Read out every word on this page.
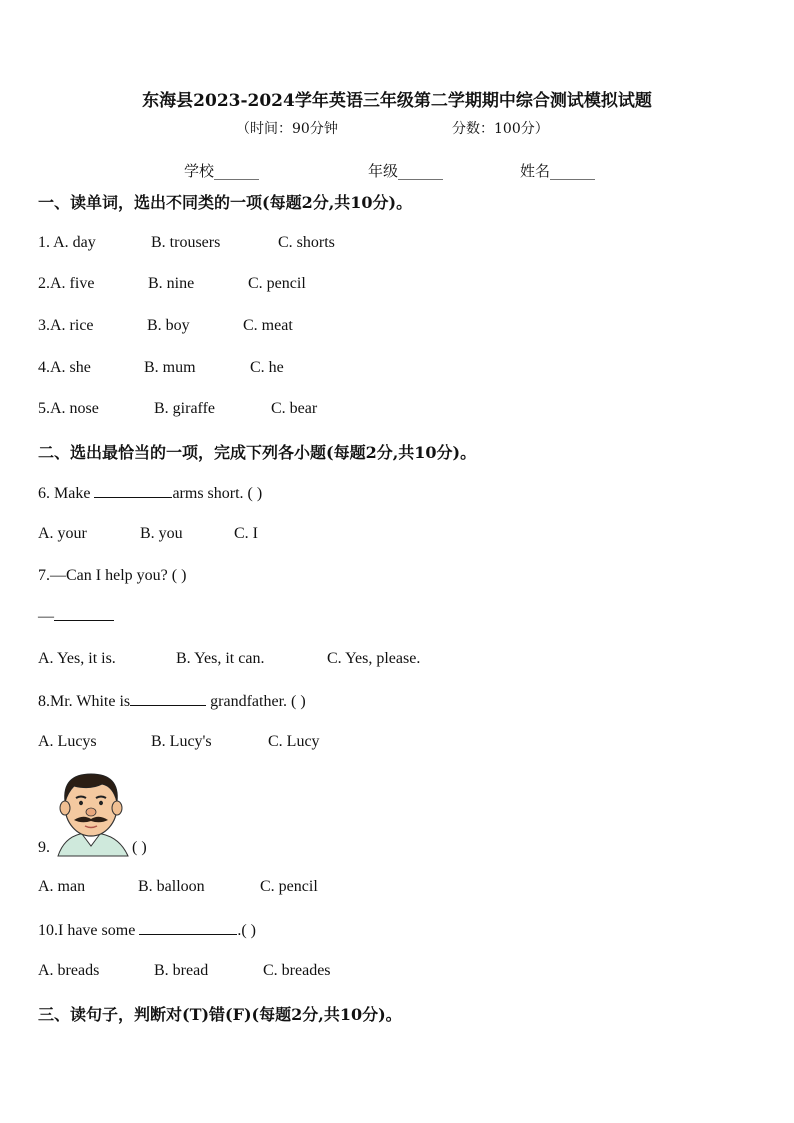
东海县2023-2024学年英语三年级第二学期期中综合测试模拟试题
（时间：90分钟	分数：100分）
学校______	年级______	姓名______
一、读单词，选出不同类的一项(每题2分,共10分)。
1. A. day	B. trousers	C. shorts
2.A. five	B. nine	C. pencil
3.A. rice	B. boy	C. meat
4.A. she	B. mum	C. he
5.A. nose	B. giraffe	C. bear
二、选出最恰当的一项，完成下列各小题(每题2分,共10分)。
6. Make	arms short. ( )
A. your	B. you	C. I
7.—Can I help you? ( )
—
A. Yes, it is.	B. Yes, it can.	C. Yes, please.
8.Mr. White is	grandfather. ( )
A. Lucys	B. Lucy's	C. Lucy
9.	( )
A. man	B. balloon	C. pencil
10.I have some	.( )
A. breads	B. bread	C. breades
三、读句子，判断对(T)错(F)(每题2分,共10分)。
